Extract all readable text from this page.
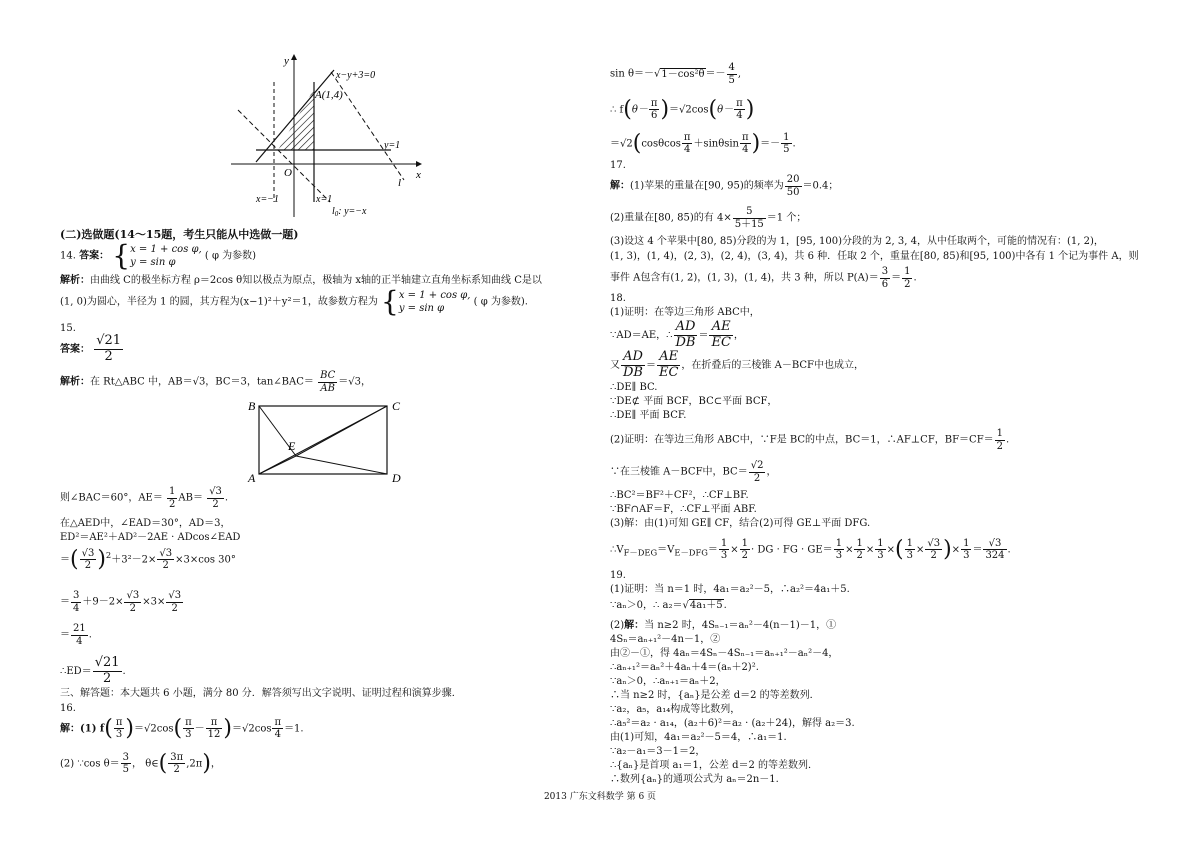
y
x
x−y+3=0
A(1,4)
y=1
O
l
x=−1	x=1
$l_0$: y=−x
(二)选做题(14～15题，考生只能从中选做一题)
14. 答案： {x = 1 + cos φ,
y = sin φ ( φ 为参数)
解析：由曲线 C的极坐标方程 ρ＝2cos θ知以极点为原点，极轴为 x轴的正半轴建立直角坐标系知曲线 C是以
(1, 0)为圆心，半径为 1 的圆，其方程为(x−1)²＋y²＝1，故参数方程为 {x = 1 + cos φ,
y = sin φ ( φ 为参数).
15.
答案： $\frac{√21}{2}$
解析：在 Rt△ABC 中，AB＝√3，BC＝3，tan∠BAC＝ $\frac{BC}{AB} =√3$，
B	C
E
A	D
则∠BAC＝60°，$AE= \frac{1}{2} AB= \frac{√3}{2}$ .
在△AED中，∠EAD＝30°，AD＝3，
ED²＝AE²＋AD²－2AE · ADcos∠EAD
＝( $\frac{√3}{2} )^2+3^2-2\times \frac{√3}{2} \times 3\times\cos$ 30°
＝ $\frac{3}{4} +9-2\times \frac{√3}{2} \times 3\times \frac{√3}{2}$
＝ $\frac{21}{4}$ .
∴ED＝ $\frac{√21}{2}$ .
三、解答题：本大题共 6 小题，满分 80 分．解答须写出文字说明、证明过程和演算步骤．
16.
解：(1) $f( \frac{\pi}{3} )=√2\cos( \frac{\pi}{3} - \frac{\pi}{12} )=√2\cos \frac{\pi}{4} =1$.
(2) ∵cos $\theta= \frac{3}{5}$ ， θ∈( $\frac{3\pi}{2} ,2\pi$)，
$\sin \theta=-√1-\cos^2\theta=- \frac{4}{5}$ ,
∴ $f(\theta- \frac{\pi}{6} )=√2\cos(\theta- \frac{\pi}{4}$ )
$=√2(\cos\theta\cos \frac{\pi}{4} +\sin\theta\sin \frac{\pi}{4}$ )＝－ $\frac{1}{5}$ .
17.
解：(1)苹果的重量在[90, 95)的频率为 $\frac{20}{50} =0.4$；
(2)重量在[80, 85)的有 $4\times \frac{5}{5+15} =1$ 个；
(3)设这 4 个苹果中[80, 85)分段的为 1，[95, 100)分段的为 2, 3, 4，从中任取两个，可能的情况有：(1, 2)，
(1, 3)，(1, 4)，(2, 3)，(2, 4)，(3, 4)，共 6 种．任取 2 个，重量在[80, 85)和[95, 100)中各有 1 个记为事件 A，则
事件 A包含有(1, 2)，(1, 3)，(1, 4)，共 3 种，所以 $P(A)= \frac{3}{6} = \frac{1}{2}$ .
18.
(1)证明：在等边三角形 ABC中，
∵AD＝AE，∴ $\frac{AD}{DB} = \frac{AE}{EC}$ ，
又 $\frac{AD}{DB} = \frac{AE}{EC}$ ，在折叠后的三棱锥 A－BCF中也成立，
∴DE∥ BC.
∵DE⊄ 平面 BCF，BC⊂平面 BCF，
∴DE∥ 平面 BCF.
(2)证明：在等边三角形 ABC中，∵F是 BC的中点，BC＝1，∴AF⊥CF，$BF=CF= \frac{1}{2}$ .
∵在三棱锥 A－BCF中，$BC= \frac{√2}{2}$ ，
∴BC²＝BF²＋CF²，∴CF⊥BF.
∵BF∩AF＝F，∴CF⊥平面 ABF.
(3)解：由(1)可知 GE∥ CF，结合(2)可得 GE⊥平面 DFG.
$\therefore V_{F-DEG}=V_{E-DFG}= \frac{1}{3} \times \frac{1}{2}$ · DG · FG · $GE= \frac{1}{3} \times \frac{1}{2} \times \frac{1}{3}$ ×( $\frac{1}{3} \times \frac{√3}{2}$ )× $\frac{1}{3} = \frac{√3}{324}$ .
19.
(1)证明：当 n＝1 时，4a₁＝a₂²－5，∴a₂²＝4a₁＋5.
∵aₙ＞0，∴ a₂＝√4a₁＋5.
(2)解：当 n≥2 时，4Sₙ₋₁＝aₙ²－4(n－1)－1，①
4Sₙ＝aₙ₊₁²－4n－1，②
由②－①，得 4aₙ＝4Sₙ－4Sₙ₋₁＝aₙ₊₁²－aₙ²－4，
∴aₙ₊₁²＝aₙ²＋4aₙ＋4＝(aₙ＋2)².
∵aₙ＞0，∴aₙ₊₁＝aₙ＋2，
∴当 n≥2 时，{aₙ}是公差 d＝2 的等差数列．
∵a₂，a₅，a₁₄构成等比数列，
∴a₅²＝a₂ · a₁₄，(a₂＋6)²＝a₂ · (a₂＋24)，解得 a₂＝3.
由(1)可知，4a₁＝a₂²－5＝4，∴a₁＝1.
∵a₂－a₁＝3－1＝2，
∴{aₙ}是首项 a₁＝1，公差 d＝2 的等差数列．
∴数列{aₙ}的通项公式为 aₙ＝2n－1.
2013 广东文科数学 第 6 页
